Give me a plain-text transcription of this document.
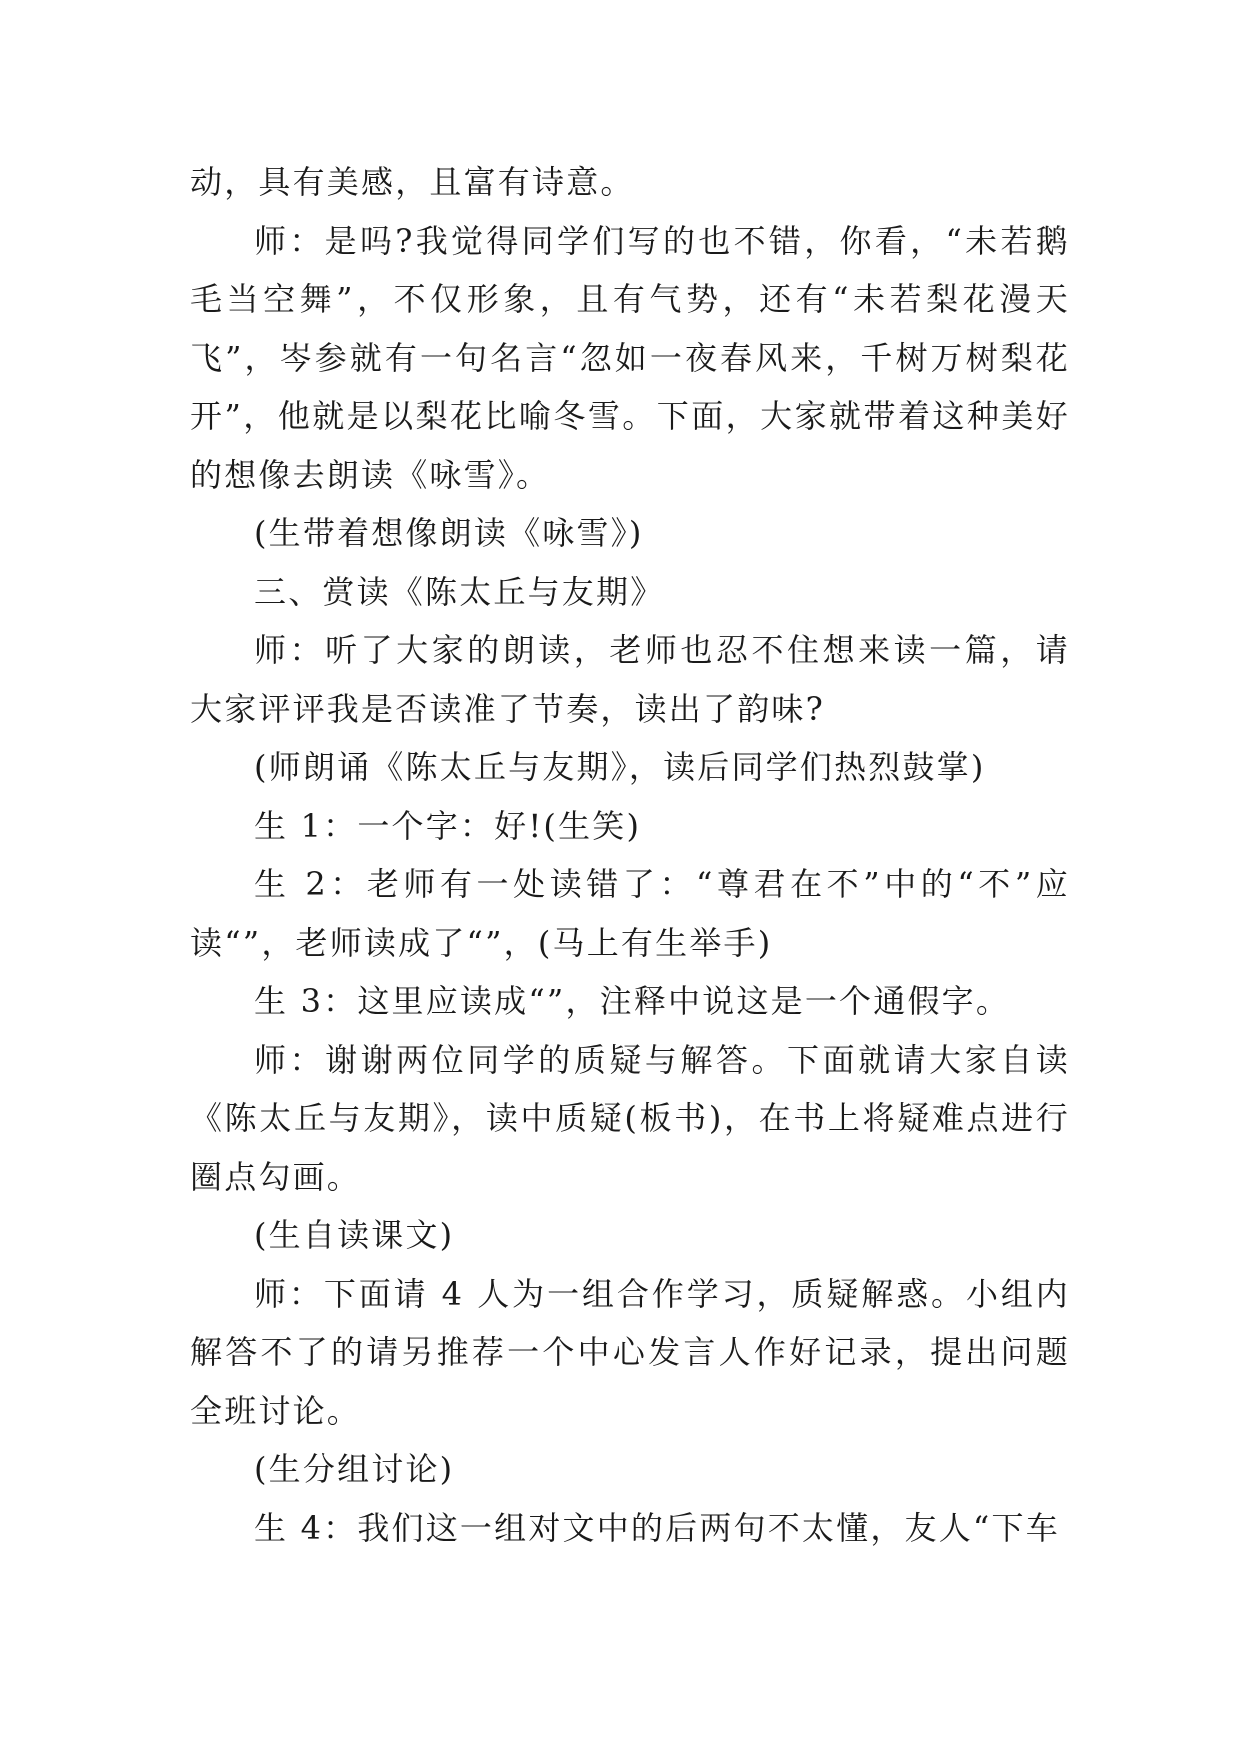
动，具有美感，且富有诗意。

师：是吗?我觉得同学们写的也不错，你看，“未若鹅毛当空舞”，不仅形象，且有气势，还有“未若梨花漫天飞”，岑参就有一句名言“忽如一夜春风来，千树万树梨花开”，他就是以梨花比喻冬雪。下面，大家就带着这种美好的想像去朗读《咏雪》。

(生带着想像朗读《咏雪》)

三、赏读《陈太丘与友期》

师：听了大家的朗读，老师也忍不住想来读一篇，请大家评评我是否读准了节奏，读出了韵味?

(师朗诵《陈太丘与友期》，读后同学们热烈鼓掌)

生 1：一个字：好!(生笑)

生 2：老师有一处读错了：“尊君在不”中的“不”应读“”，老师读成了“”，(马上有生举手)

生 3：这里应读成“”，注释中说这是一个通假字。

师：谢谢两位同学的质疑与解答。下面就请大家自读《陈太丘与友期》，读中质疑(板书)，在书上将疑难点进行圈点勾画。

(生自读课文)

师：下面请 4 人为一组合作学习，质疑解惑。小组内解答不了的请另推荐一个中心发言人作好记录，提出问题全班讨论。

(生分组讨论)

生 4：我们这一组对文中的后两句不太懂，友人“下车
